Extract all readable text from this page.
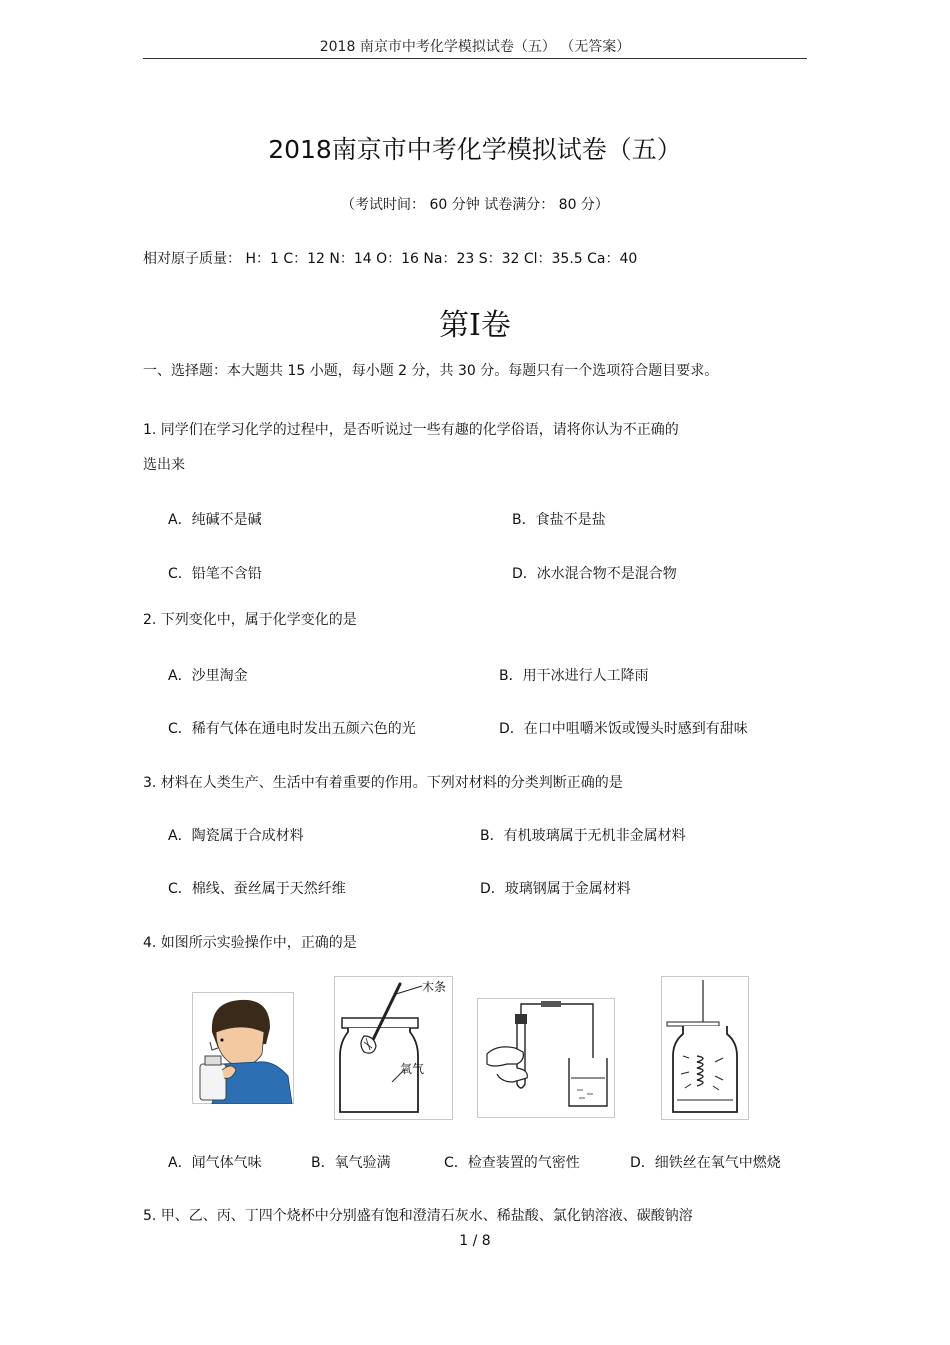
2018 南京市中考化学模拟试卷（五） （无答案）
2018南京市中考化学模拟试卷（五）
（考试时间： 60 分钟 试卷满分： 80 分）
相对原子质量： H：1 C：12 N：14 O：16 Na：23 S：32 Cl：35.5 Ca：40
第Ⅰ卷
一、选择题：本大题共 15 小题，每小题 2 分，共 30 分。每题只有一个选项符合题目要求。
1. 同学们在学习化学的过程中，是否听说过一些有趣的化学俗语，请将你认为不正确的
选出来
A．纯碱不是碱	B．食盐不是盐
C．铅笔不含铅	D．冰水混合物不是混合物
2. 下列变化中，属于化学变化的是
A．沙里淘金	B．用干冰进行人工降雨
C．稀有气体在通电时发出五颜六色的光	D．在口中咀嚼米饭或馒头时感到有甜味
3. 材料在人类生产、生活中有着重要的作用。下列对材料的分类判断正确的是
A．陶瓷属于合成材料	B．有机玻璃属于无机非金属材料
C．棉线、蚕丝属于天然纤维	D．玻璃钢属于金属材料
4. 如图所示实验操作中，正确的是
木条
氧气
A．闻气体气味	B．氧气验满	C．检查装置的气密性	D．细铁丝在氧气中燃烧
5. 甲、乙、丙、丁四个烧杯中分别盛有饱和澄清石灰水、稀盐酸、氯化钠溶液、碳酸钠溶
1 / 8
